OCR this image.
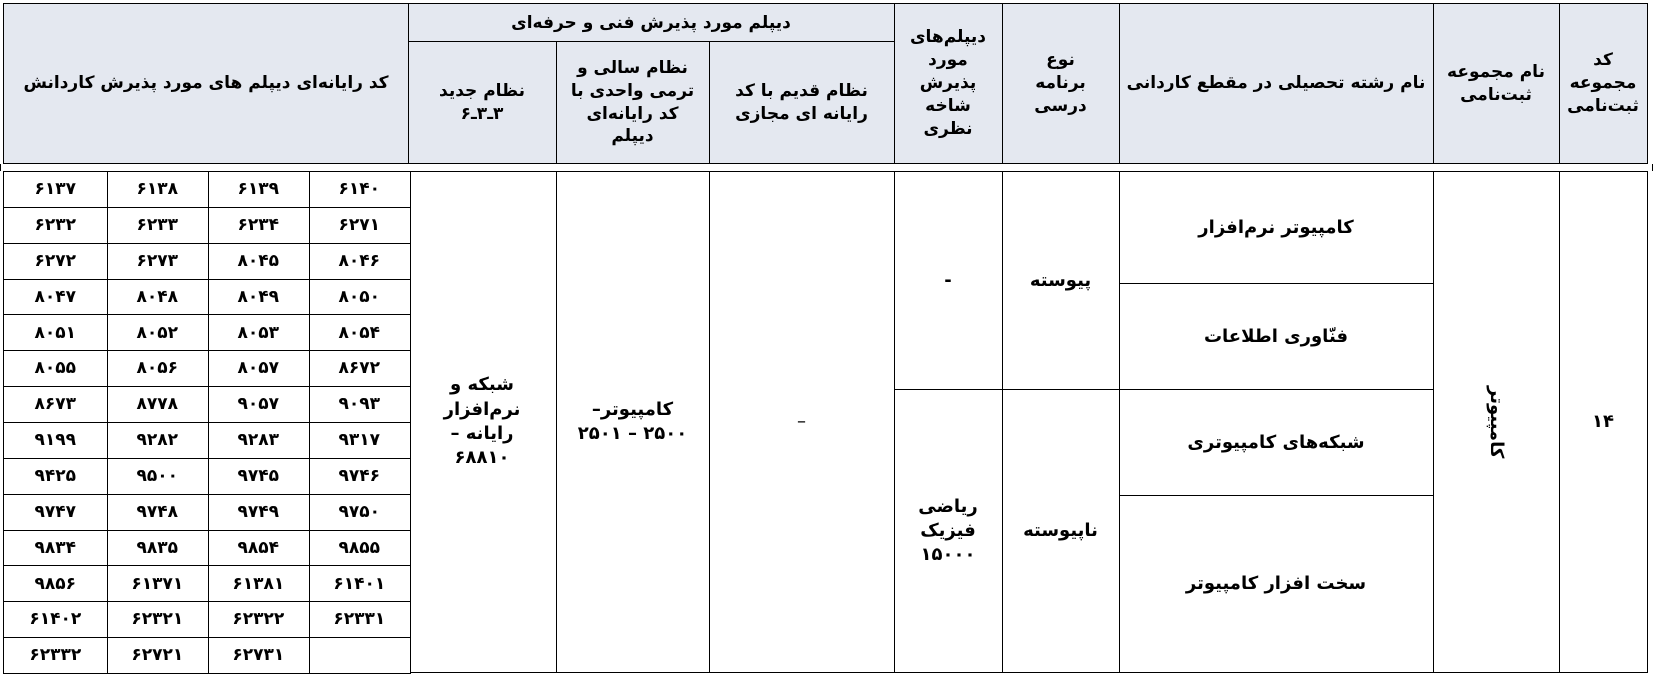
کد مجموعه ثبت‌نامی
نام مجموعه ثبت‌نامی
نام رشته تحصیلی در مقطع کاردانی
نوع برنامه درسی
دیپلم‌های مورد پذیرش شاخه نظری
دیپلم مورد پذیرش فنی و حرفه‌ای
نظام قدیم با کد رایانه ای مجازی
نظام سالی و ترمی واحدی با کد رایانه‌ای دیپلم
نظام جدید ۳ـ۳ـ۶
کد رایانه‌ای دیپلم های مورد پذیرش کاردانش
۱۴
کامپیوتر
کامپیوتر نرم‌افزار
فنّاوری اطلاعات
شبکه‌های کامپیوتری
سخت افزار کامپیوتر
پیوسته
ناپیوسته
-
ریاضی فیزیک ۱۵۰۰۰
–
کامپیوتر– ۲۵۰۰ – ۲۵۰۱
شبکه و نرم‌افزار رایانه – ۶۸۸۱۰
۶۱۴۰
۶۱۳۹
۶۱۳۸
۶۱۳۷
۶۲۷۱
۶۲۳۴
۶۲۳۳
۶۲۳۲
۸۰۴۶
۸۰۴۵
۶۲۷۳
۶۲۷۲
۸۰۵۰
۸۰۴۹
۸۰۴۸
۸۰۴۷
۸۰۵۴
۸۰۵۳
۸۰۵۲
۸۰۵۱
۸۶۷۲
۸۰۵۷
۸۰۵۶
۸۰۵۵
۹۰۹۳
۹۰۵۷
۸۷۷۸
۸۶۷۳
۹۳۱۷
۹۲۸۳
۹۲۸۲
۹۱۹۹
۹۷۴۶
۹۷۴۵
۹۵۰۰
۹۴۲۵
۹۷۵۰
۹۷۴۹
۹۷۴۸
۹۷۴۷
۹۸۵۵
۹۸۵۴
۹۸۳۵
۹۸۳۴
۶۱۴۰۱
۶۱۳۸۱
۶۱۳۷۱
۹۸۵۶
۶۲۳۳۱
۶۲۳۲۲
۶۲۳۲۱
۶۱۴۰۲
۶۲۷۳۱
۶۲۷۲۱
۶۲۳۳۲
